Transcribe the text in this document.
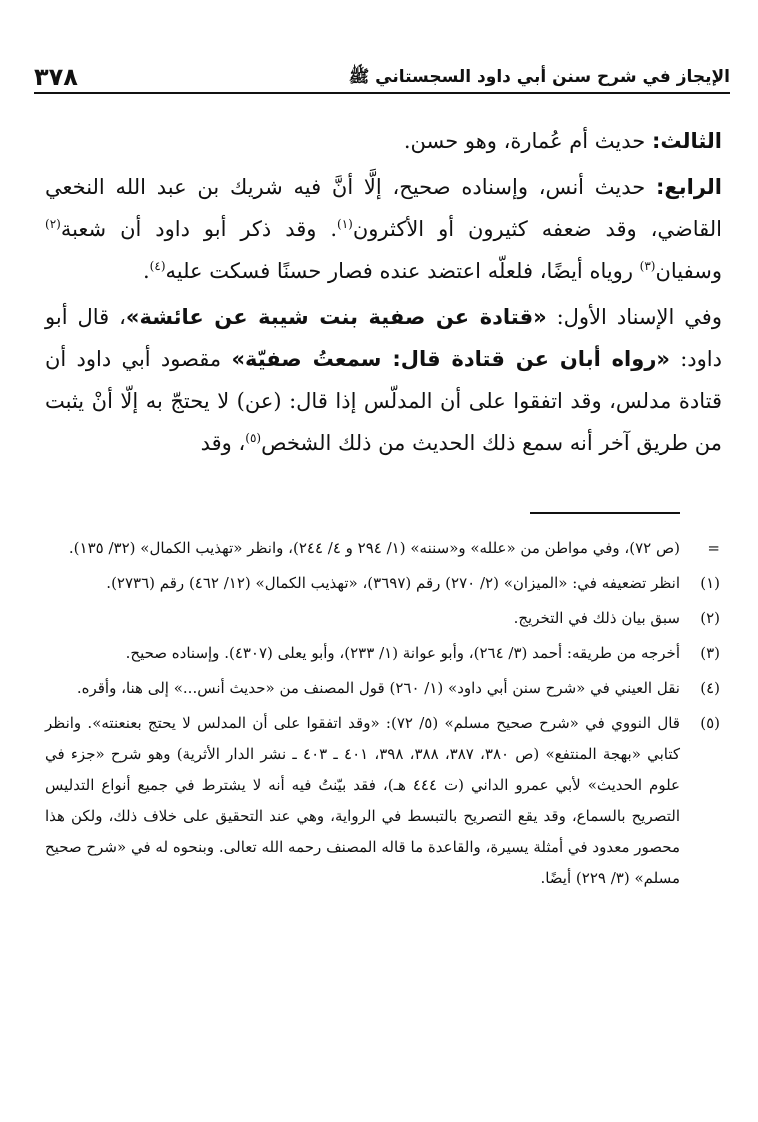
الإيجاز في شرح سنن أبي داود السجستاني ﷺ
٣٧٨

الثالث: حديث أم عُمارة، وهو حسن.

الرابع: حديث أنس، وإسناده صحيح، إلَّا أنَّ فيه شريك بن عبد الله النخعي القاضي، وقد ضعفه كثيرون أو الأكثرون$^{(١)}$. وقد ذكر أبو داود أن شعبة$^{(٢)}$ وسفيان$^{(٣)}$ روياه أيضًا، فلعلّه اعتضد عنده فصار حسنًا فسكت عليه$^{(٤)}$.

وفي الإسناد الأول: «قتادة عن صفية بنت شيبة عن عائشة»، قال أبو داود: «رواه أبان عن قتادة قال: سمعتُ صفيّة» مقصود أبي داود أن قتادة مدلس، وقد اتفقوا على أن المدلّس إذا قال: (عن) لا يحتجّ به إلّا أنْ يثبت من طريق آخر أنه سمع ذلك الحديث من ذلك الشخص$^{(٥)}$، وقد

=
(ص ٧٢)، وفي مواطن من «علله» و«سننه» (١/ ٢٩٤ و ٤/ ٢٤٤)، وانظر «تهذيب الكمال» (٣٢/ ١٣٥).
(١)
انظر تضعيفه في: «الميزان» (٢/ ٢٧٠) رقم (٣٦٩٧)، «تهذيب الكمال» (١٢/ ٤٦٢) رقم (٢٧٣٦).
(٢)
سبق بيان ذلك في التخريج.
(٣)
أخرجه من طريقه: أحمد (٣/ ٢٦٤)، وأبو عوانة (١/ ٢٣٣)، وأبو يعلى (٤٣٠٧). وإسناده صحيح.
(٤)
نقل العيني في «شرح سنن أبي داود» (١/ ٢٦٠) قول المصنف من «حديث أنس...» إلى هنا، وأقره.
(٥)
قال النووي في «شرح صحيح مسلم» (٥/ ٧٢): «وقد اتفقوا على أن المدلس لا يحتج بعنعنته». وانظر كتابي «بهجة المنتفع» (ص ٣٨٠، ٣٨٧، ٣٨٨، ٣٩٨، ٤٠١ ـ ٤٠٣ ـ نشر الدار الأثرية) وهو شرح «جزء في علوم الحديث» لأبي عمرو الداني (ت ٤٤٤ هـ)، فقد بيّنتُ فيه أنه لا يشترط في جميع أنواع التدليس التصريح بالسماع، وقد يقع التصريح بالتبسط في الرواية، وهي عند التحقيق على خلاف ذلك، ولكن هذا محصور معدود في أمثلة يسيرة، والقاعدة ما قاله المصنف رحمه الله تعالى. وبنحوه له في «شرح صحيح مسلم» (٣/ ٢٢٩) أيضًا.
